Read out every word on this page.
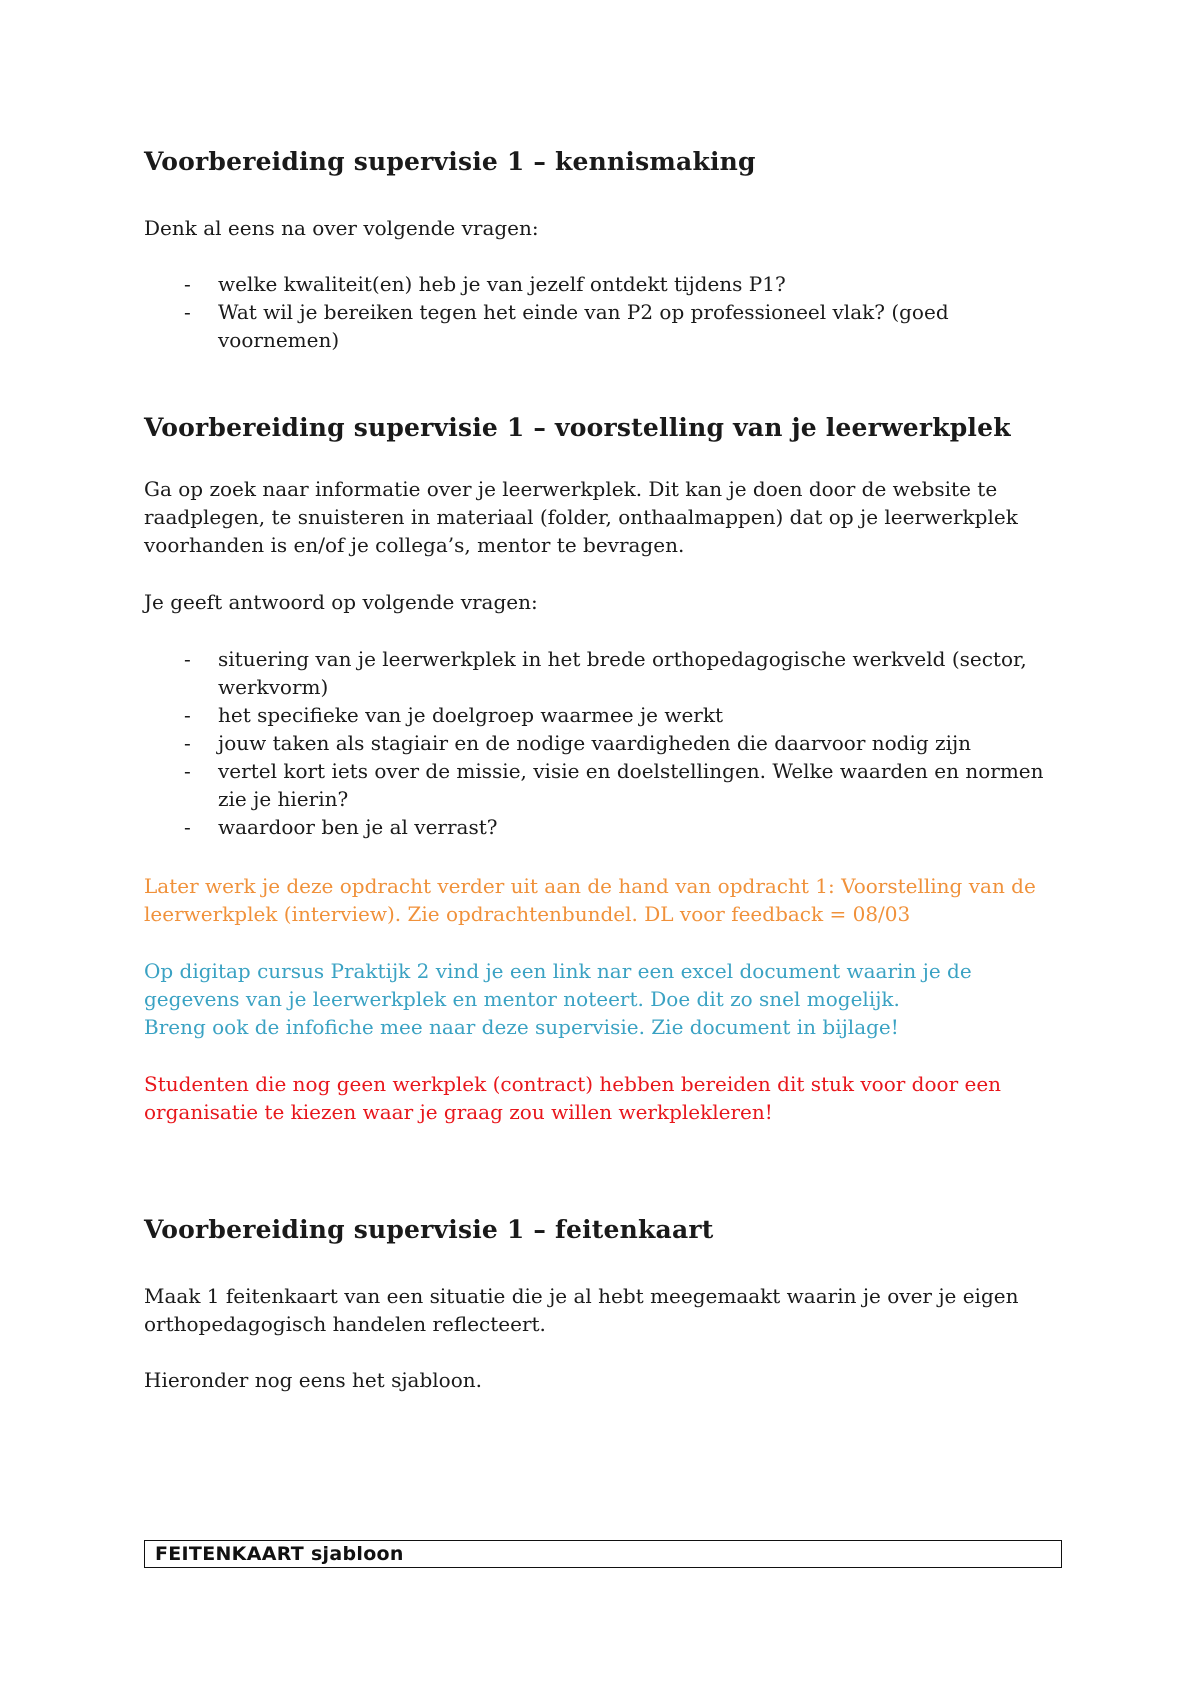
Voorbereiding supervisie 1 – kennismaking

Denk al eens na over volgende vragen:

- welke kwaliteit(en) heb je van jezelf ontdekt tijdens P1?
- Wat wil je bereiken tegen het einde van P2 op professioneel vlak? (goed voornemen)
Voorbereiding supervisie 1 – voorstelling van je leerwerkplek

Ga op zoek naar informatie over je leerwerkplek. Dit kan je doen door de website te raadplegen, te snuisteren in materiaal (folder, onthaalmappen) dat op je leerwerkplek voorhanden is en/of je collega’s, mentor te bevragen.

Je geeft antwoord op volgende vragen:

- situering van je leerwerkplek in het brede orthopedagogische werkveld (sector, werkvorm)
- het specifieke van je doelgroep waarmee je werkt
- jouw taken als stagiair en de nodige vaardigheden die daarvoor nodig zijn
- vertel kort iets over de missie, visie en doelstellingen. Welke waarden en normen zie je hierin?
- waardoor ben je al verrast?

Later werk je deze opdracht verder uit aan de hand van opdracht 1: Voorstelling van de leerwerkplek (interview). Zie opdrachtenbundel. DL voor feedback = 08/03

Op digitap cursus Praktijk 2 vind je een link nar een excel document waarin je de gegevens van je leerwerkplek en mentor noteert. Doe dit zo snel mogelijk.

Breng ook de infofiche mee naar deze supervisie. Zie document in bijlage!

Studenten die nog geen werkplek (contract) hebben bereiden dit stuk voor door een organisatie te kiezen waar je graag zou willen werkplekleren!

Voorbereiding supervisie 1 – feitenkaart

Maak 1 feitenkaart van een situatie die je al hebt meegemaakt waarin je over je eigen orthopedagogisch handelen reflecteert.

Hieronder nog eens het sjabloon.

FEITENKAART sjabloon
